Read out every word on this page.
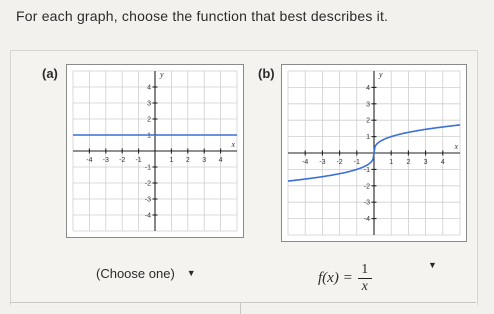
For each graph, choose the function that best describes it.
(a)	(b)
-4 -3 -2 -1	1 2 3 4
4
3
2
1
-1
-2
-3
-4
x
y
-4 -3 -2 -1	1 2 3 4
4
3
2
1
-1
-2
-3
-4
x
y
(Choose one) ▼	$f(x) = \frac{1}{x}$	▼
